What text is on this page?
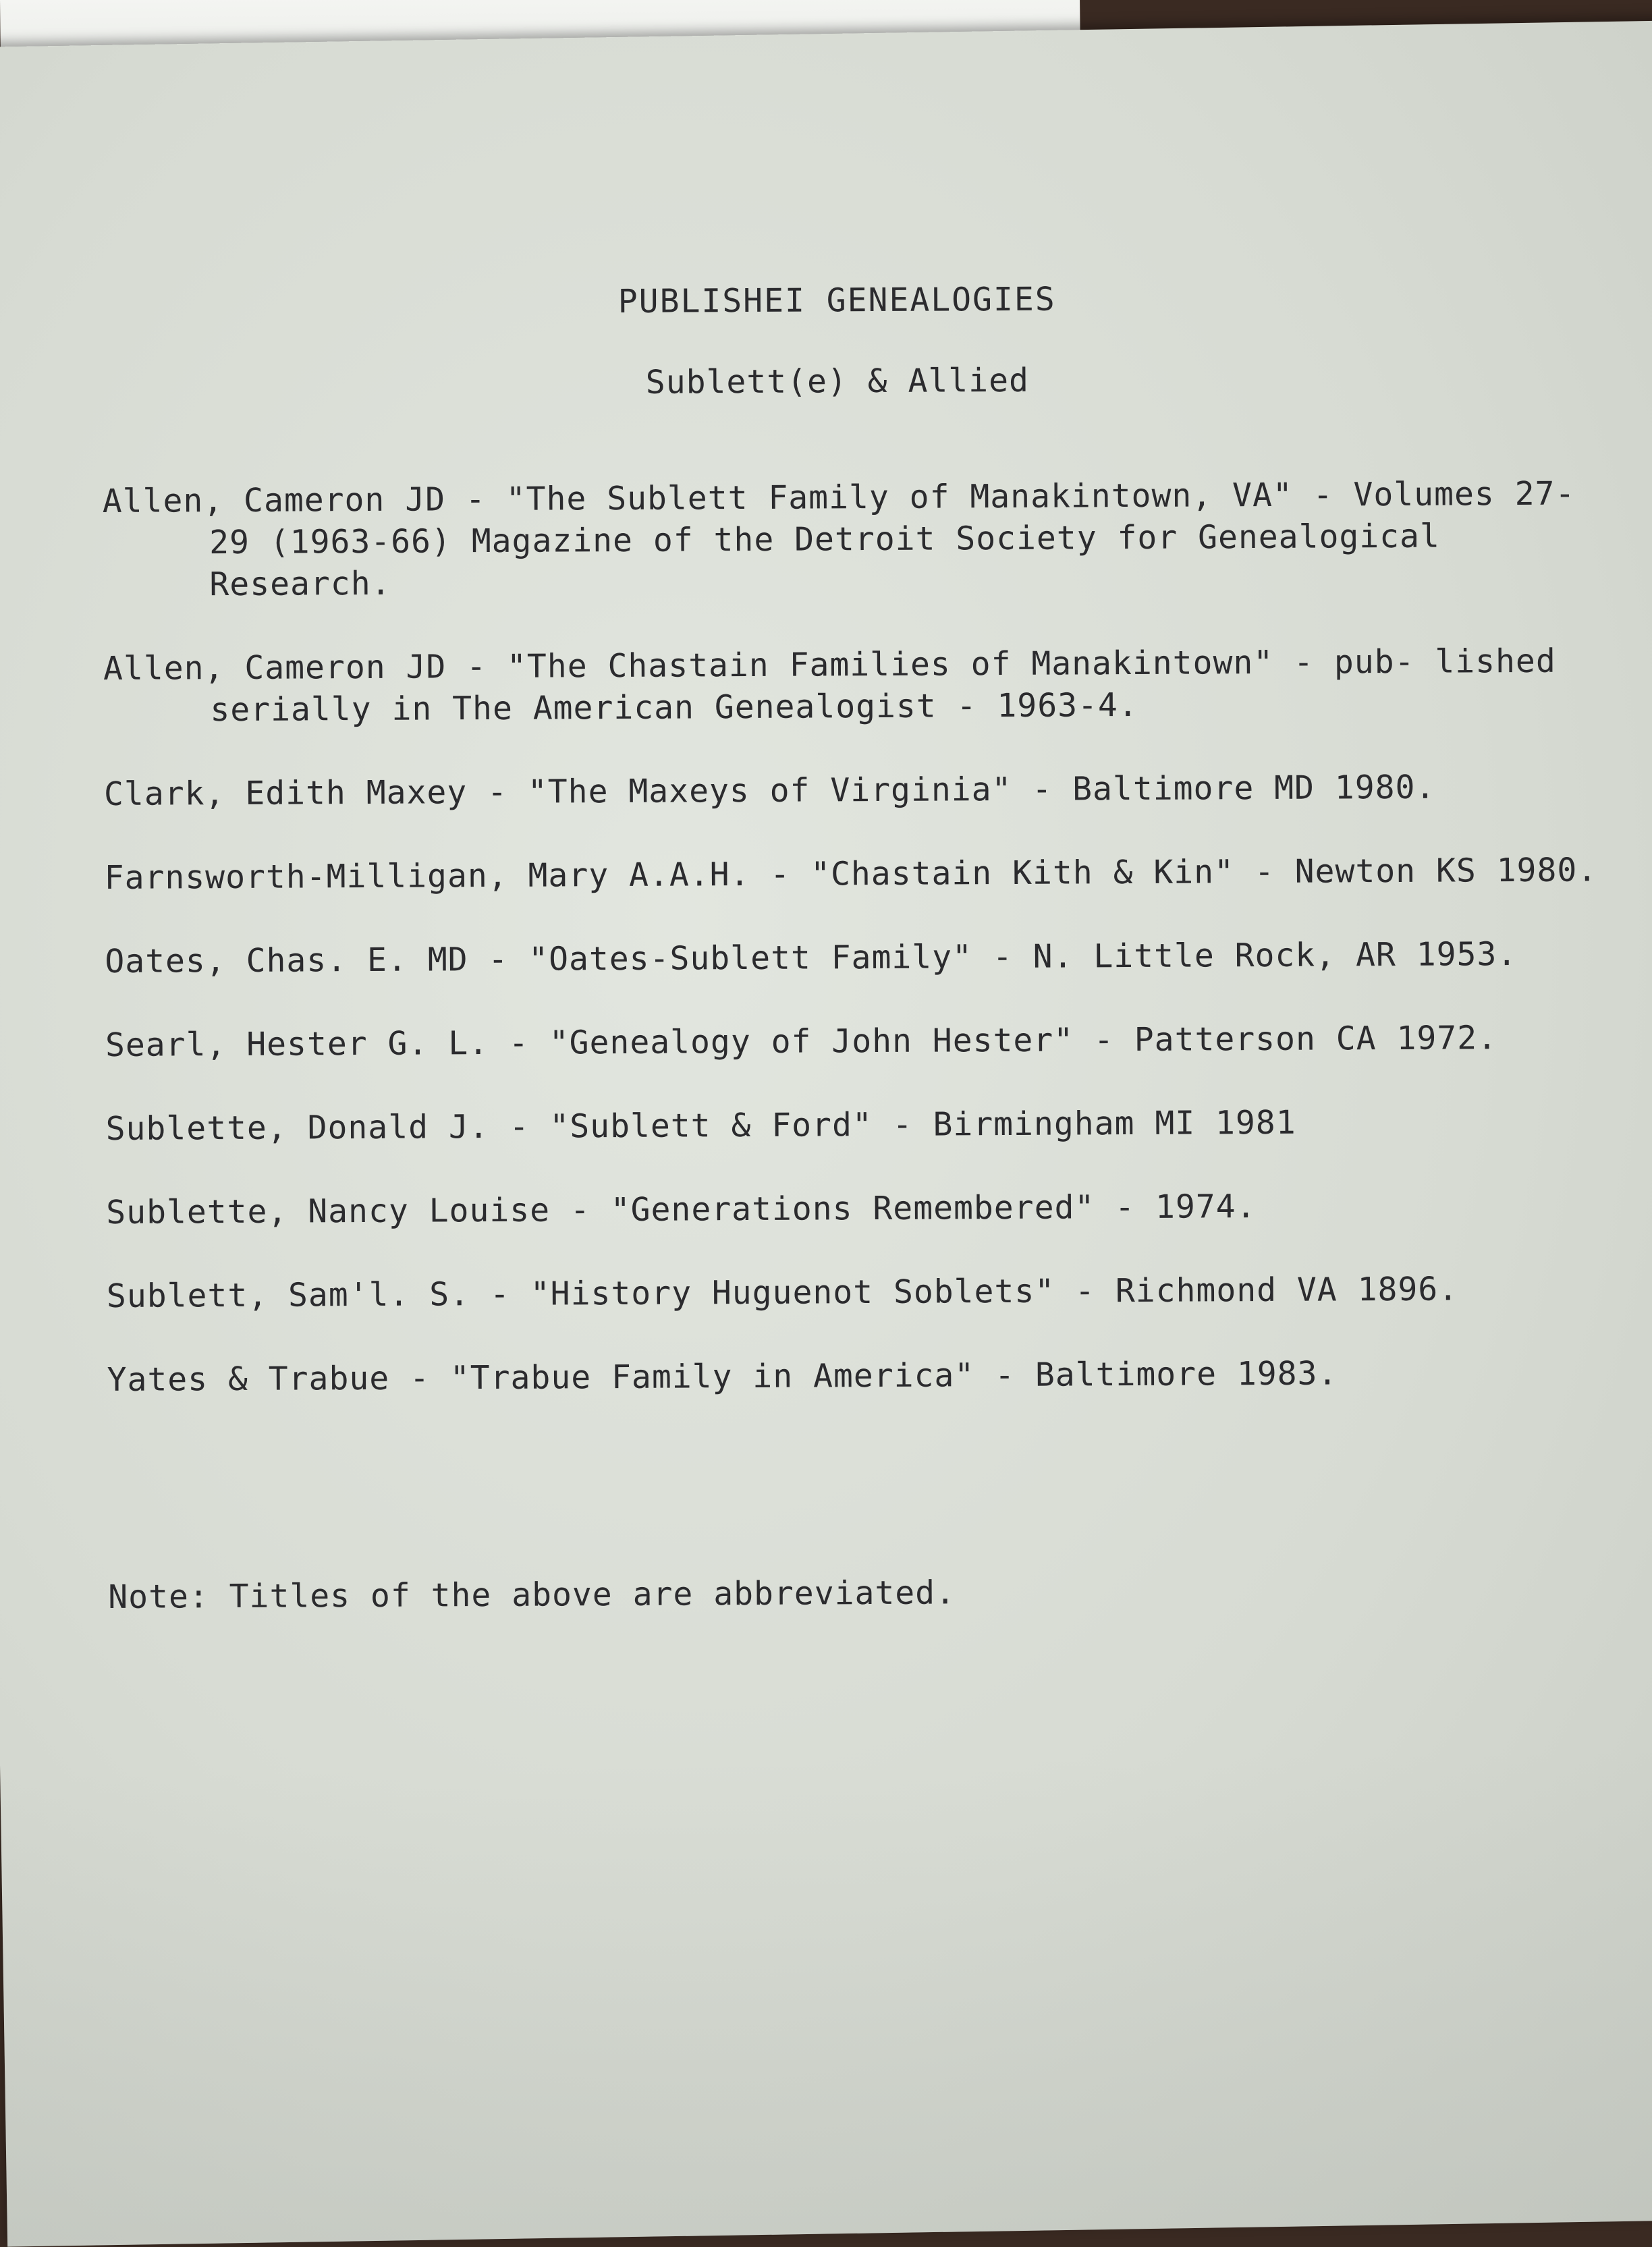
PUBLISHEI GENEALOGIES
Sublett(e) & Allied
Allen, Cameron JD - "The Sublett Family of Manakintown, VA" - Volumes 27-29 (1963-66) Magazine of the Detroit Society for Genealogical Research.
Allen, Cameron JD - "The Chastain Families of Manakintown" - pub- lished serially in The American Genealogist - 1963-4.
Clark, Edith Maxey - "The Maxeys of Virginia" - Baltimore MD 1980.
Farnsworth-Milligan, Mary A.A.H. - "Chastain Kith & Kin" - Newton KS 1980.
Oates, Chas. E. MD - "Oates-Sublett Family" - N. Little Rock, AR 1953.
Searl, Hester G. L. - "Genealogy of John Hester" - Patterson CA 1972.
Sublette, Donald J. - "Sublett & Ford" - Birmingham MI 1981
Sublette, Nancy Louise - "Generations Remembered" - 1974.
Sublett, Sam'l. S. - "History Huguenot Soblets" - Richmond VA 1896.
Yates & Trabue - "Trabue Family in America" - Baltimore 1983.
Note: Titles of the above are abbreviated.
